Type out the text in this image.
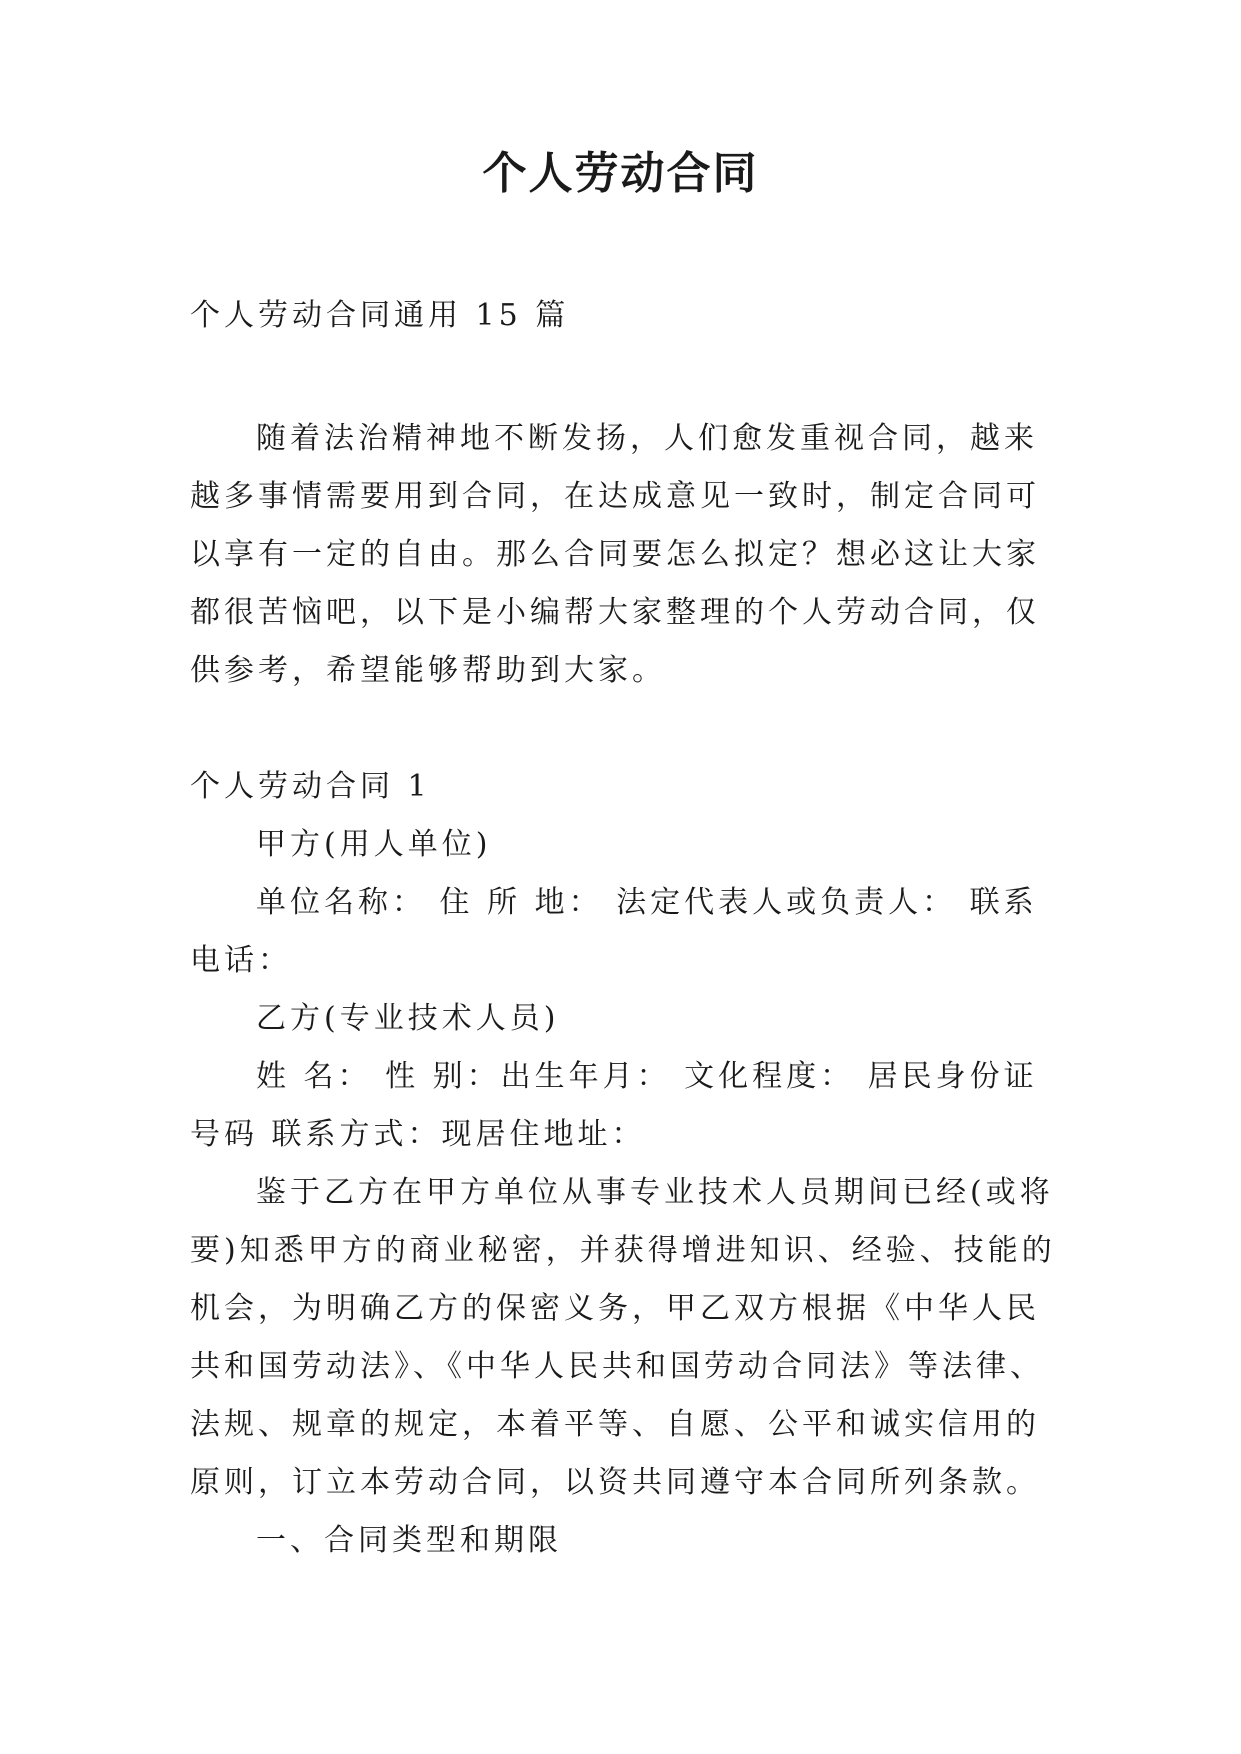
个人劳动合同

个人劳动合同通用 15 篇

随着法治精神地不断发扬，人们愈发重视合同，越来越多事情需要用到合同，在达成意见一致时，制定合同可以享有一定的自由。那么合同要怎么拟定？想必这让大家都很苦恼吧，以下是小编帮大家整理的个人劳动合同，仅供参考，希望能够帮助到大家。

个人劳动合同 1

甲方(用人单位)

单位名称： 住 所 地： 法定代表人或负责人： 联系电话：

乙方(专业技术人员)

姓 名： 性 别：出生年月： 文化程度： 居民身份证号码 联系方式：现居住地址：

鉴于乙方在甲方单位从事专业技术人员期间已经(或将要)知悉甲方的商业秘密，并获得增进知识、经验、技能的机会，为明确乙方的保密义务，甲乙双方根据《中华人民共和国劳动法》、《中华人民共和国劳动合同法》等法律、法规、规章的规定，本着平等、自愿、公平和诚实信用的原则，订立本劳动合同，以资共同遵守本合同所列条款。

一、合同类型和期限
